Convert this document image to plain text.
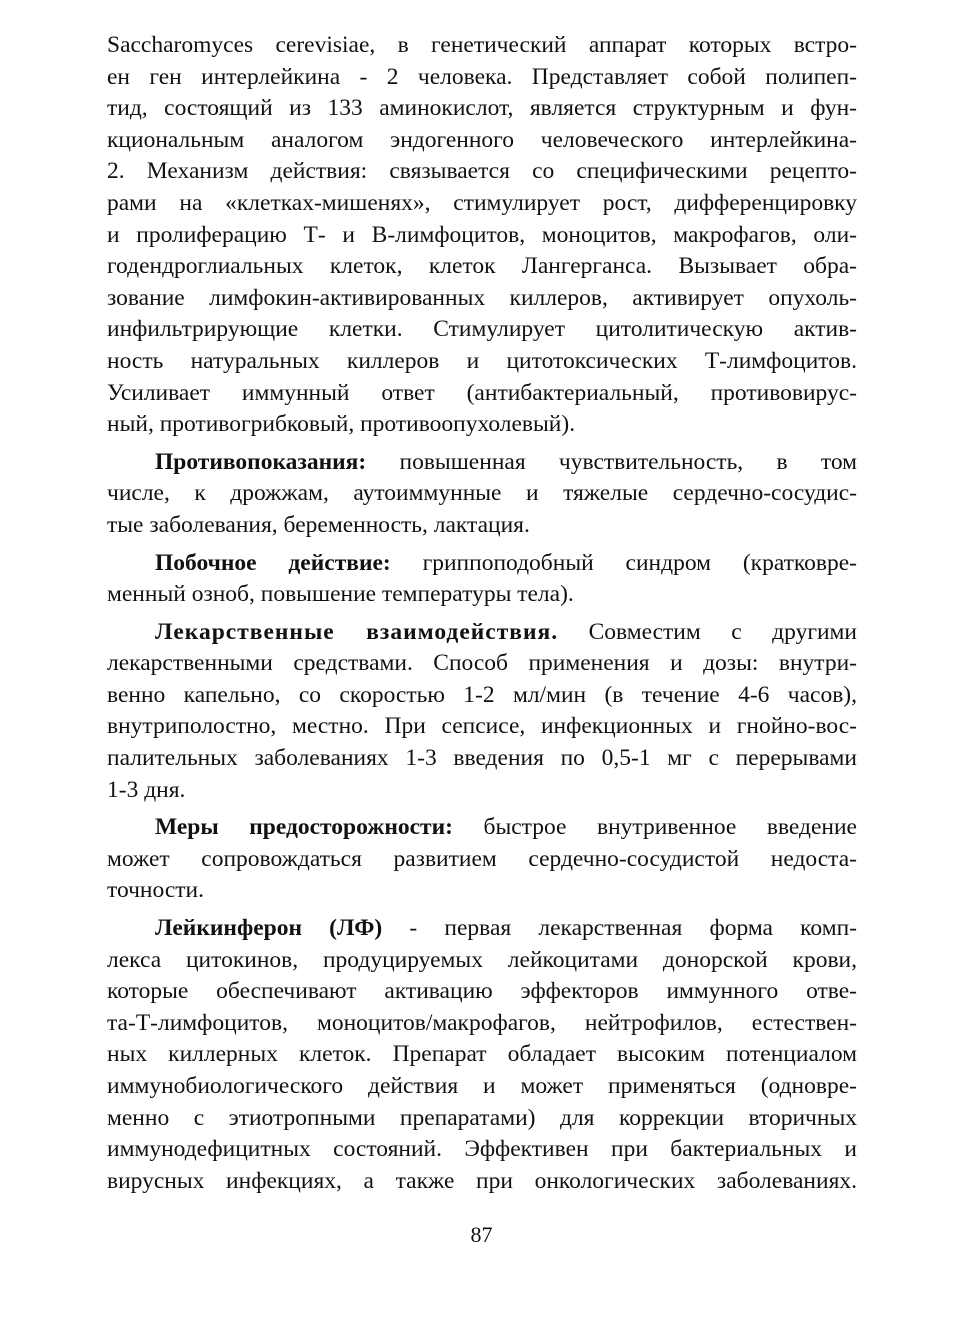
Saccharomyces cerevisiae, в генетический аппарат которых встро-
ен ген интерлейкина - 2 человека. Представляет собой полипеп-
тид, состоящий из 133 аминокислот, является структурным и фун-
кциональным аналогом эндогенного человеческого интерлейкина-
2. Механизм действия: связывается со специфическими рецепто-
рами на «клетках-мишенях», стимулирует рост, дифференцировку
и пролиферацию Т- и В-лимфоцитов, моноцитов, макрофагов, оли-
годендроглиальных клеток, клеток Лангерганса. Вызывает обра-
зование лимфокин-активированных киллеров, активирует опухоль-
инфильтрирующие клетки. Стимулирует цитолитическую актив-
ность натуральных киллеров и цитотоксических Т-лимфоцитов.
Усиливает иммунный ответ (антибактериальный, противовирус-
ный, противогрибковый, противоопухолевый).
Противопоказания: повышенная чувствительность, в том
числе, к дрожжам, аутоиммунные и тяжелые сердечно-сосудис-
тые заболевания, беременность, лактация.
Побочное действие: гриппоподобный синдром (кратковре-
менный озноб, повышение температуры тела).
Лекарственные взаимодействия. Совместим с другими
лекарственными средствами. Способ применения и дозы: внутри-
венно капельно, со скоростью 1-2 мл/мин (в течение 4-6 часов),
внутриполостно, местно. При сепсисе, инфекционных и гнойно-вос-
палительных заболеваниях 1-3 введения по 0,5-1 мг с перерывами
1-3 дня.
Меры предосторожности: быстрое внутривенное введение
может сопровождаться развитием сердечно-сосудистой недоста-
точности.
Лейкинферон (ЛФ) - первая лекарственная форма комп-
лекса цитокинов, продуцируемых лейкоцитами донорской крови,
которые обеспечивают активацию эффекторов иммунного отве-
та-Т-лимфоцитов, моноцитов/макрофагов, нейтрофилов, естествен-
ных киллерных клеток. Препарат обладает высоким потенциалом
иммунобиологического действия и может применяться (одновре-
менно с этиотропными препаратами) для коррекции вторичных
иммунодефицитных состояний. Эффективен при бактериальных и
вирусных инфекциях, а также при онкологических заболеваниях.
87
